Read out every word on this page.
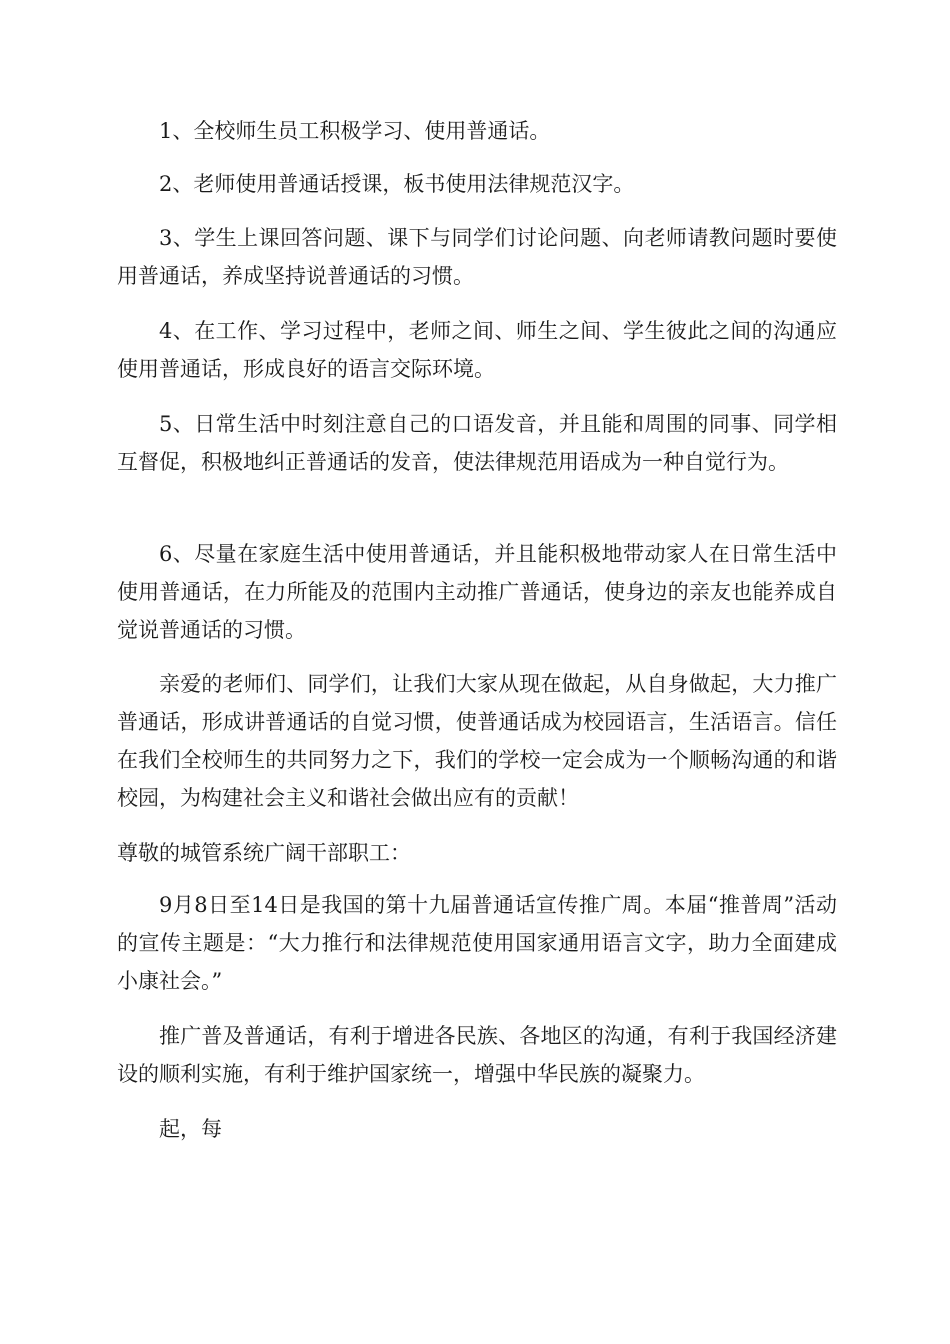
1、全校师生员工积极学习、使用普通话。

2、老师使用普通话授课，板书使用法律规范汉字。

3、学生上课回答问题、课下与同学们讨论问题、向老师请教问题时要使用普通话，养成坚持说普通话的习惯。

4、在工作、学习过程中，老师之间、师生之间、学生彼此之间的沟通应使用普通话，形成良好的语言交际环境。

5、日常生活中时刻注意自己的口语发音，并且能和周围的同事、同学相互督促，积极地纠正普通话的发音，使法律规范用语成为一种自觉行为。

6、尽量在家庭生活中使用普通话，并且能积极地带动家人在日常生活中使用普通话，在力所能及的范围内主动推广普通话，使身边的亲友也能养成自觉说普通话的习惯。

亲爱的老师们、同学们，让我们大家从现在做起，从自身做起，大力推广普通话，形成讲普通话的自觉习惯，使普通话成为校园语言，生活语言。信任在我们全校师生的共同努力之下，我们的学校一定会成为一个顺畅沟通的和谐校园，为构建社会主义和谐社会做出应有的贡献！

尊敬的城管系统广阔干部职工：

9月8日至14日是我国的第十九届普通话宣传推广周。本届“推普周”活动的宣传主题是：“大力推行和法律规范使用国家通用语言文字，助力全面建成小康社会。”

推广普及普通话，有利于增进各民族、各地区的沟通，有利于我国经济建设的顺利实施，有利于维护国家统一，增强中华民族的凝聚力。

起，每
